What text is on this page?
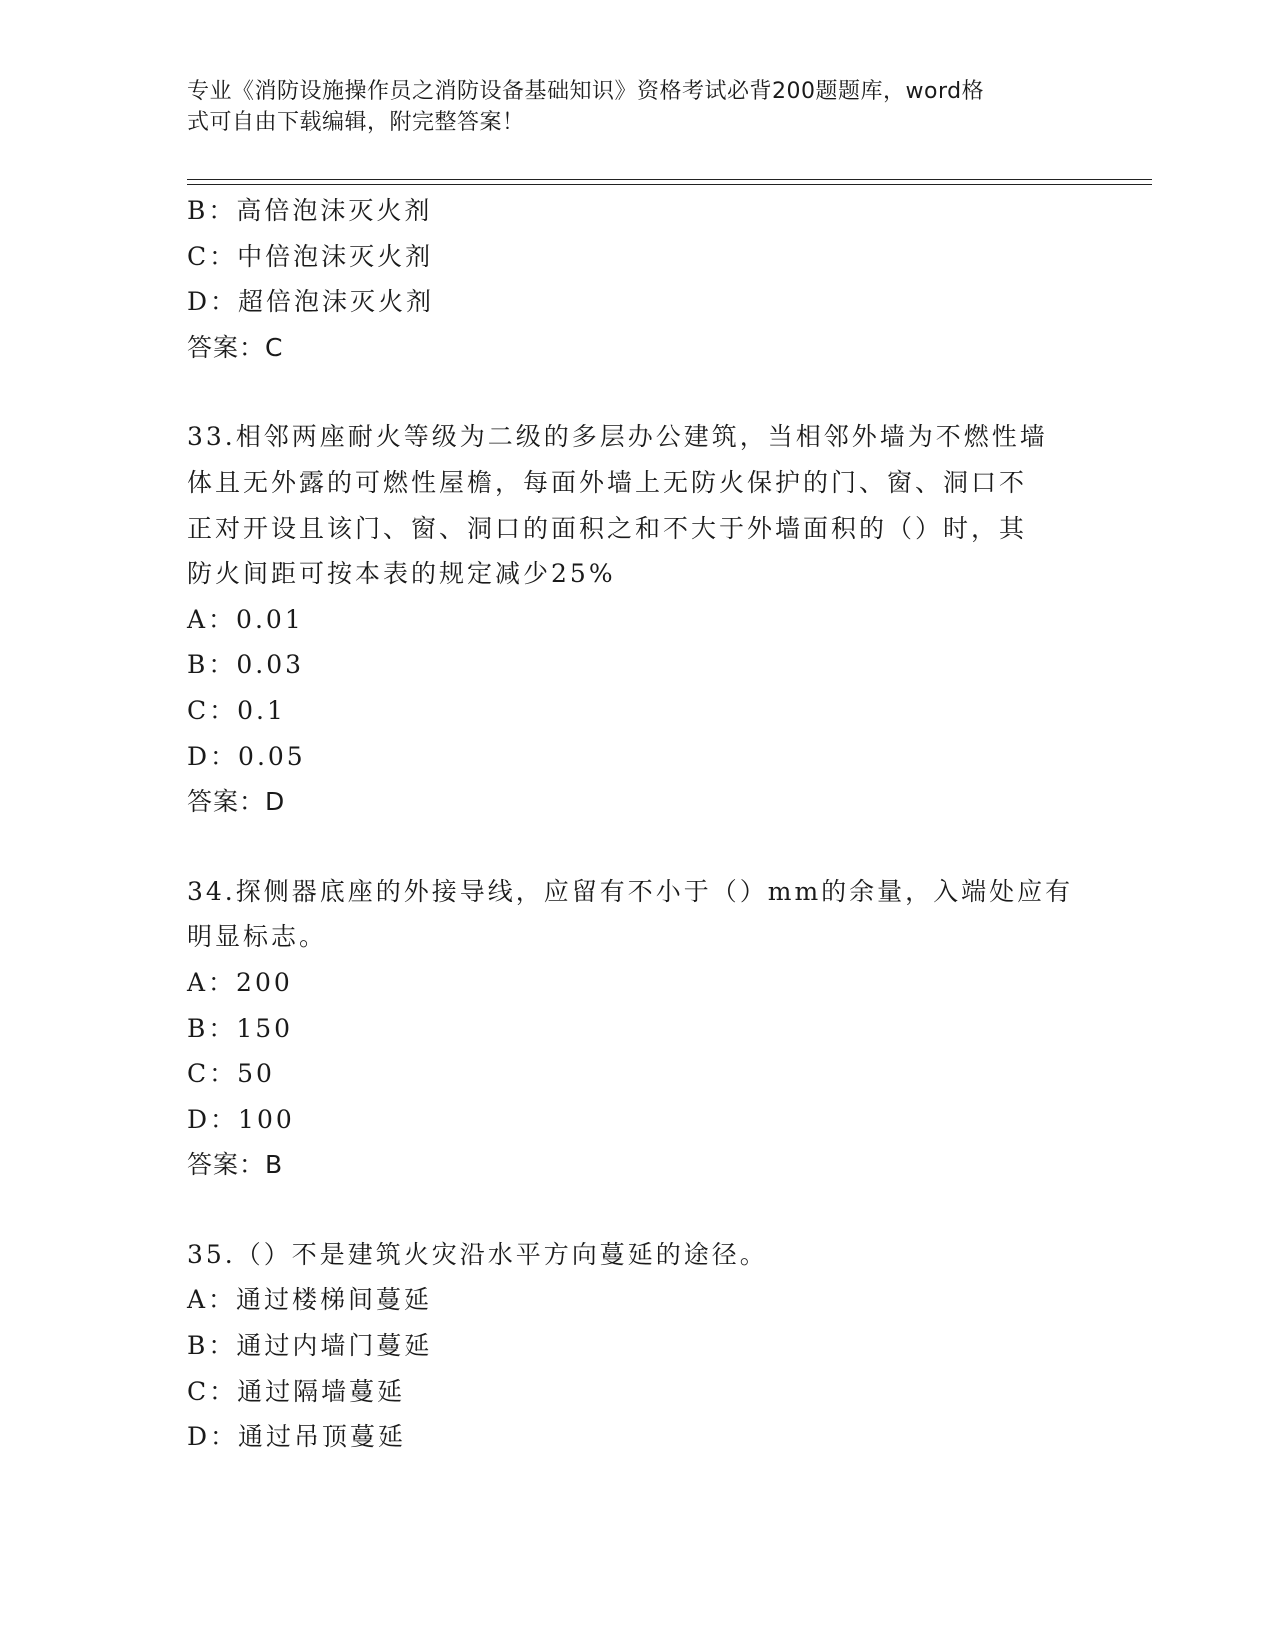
专业《消防设施操作员之消防设备基础知识》资格考试必背200题题库，word格
式可自由下载编辑，附完整答案！
B：高倍泡沫灭火剂
C：中倍泡沫灭火剂
D：超倍泡沫灭火剂
答案：C
33.相邻两座耐火等级为二级的多层办公建筑，当相邻外墙为不燃性墙
体且无外露的可燃性屋檐，每面外墙上无防火保护的门、窗、洞口不
正对开设且该门、窗、洞口的面积之和不大于外墙面积的（）时，其
防火间距可按本表的规定减少25%
A：0.01
B：0.03
C：0.1
D：0.05
答案：D
34.探侧器底座的外接导线，应留有不小于（）mm的余量，入端处应有
明显标志。
A：200
B：150
C：50
D：100
答案：B
35.（）不是建筑火灾沿水平方向蔓延的途径。
A：通过楼梯间蔓延
B：通过内墙门蔓延
C：通过隔墙蔓延
D：通过吊顶蔓延
